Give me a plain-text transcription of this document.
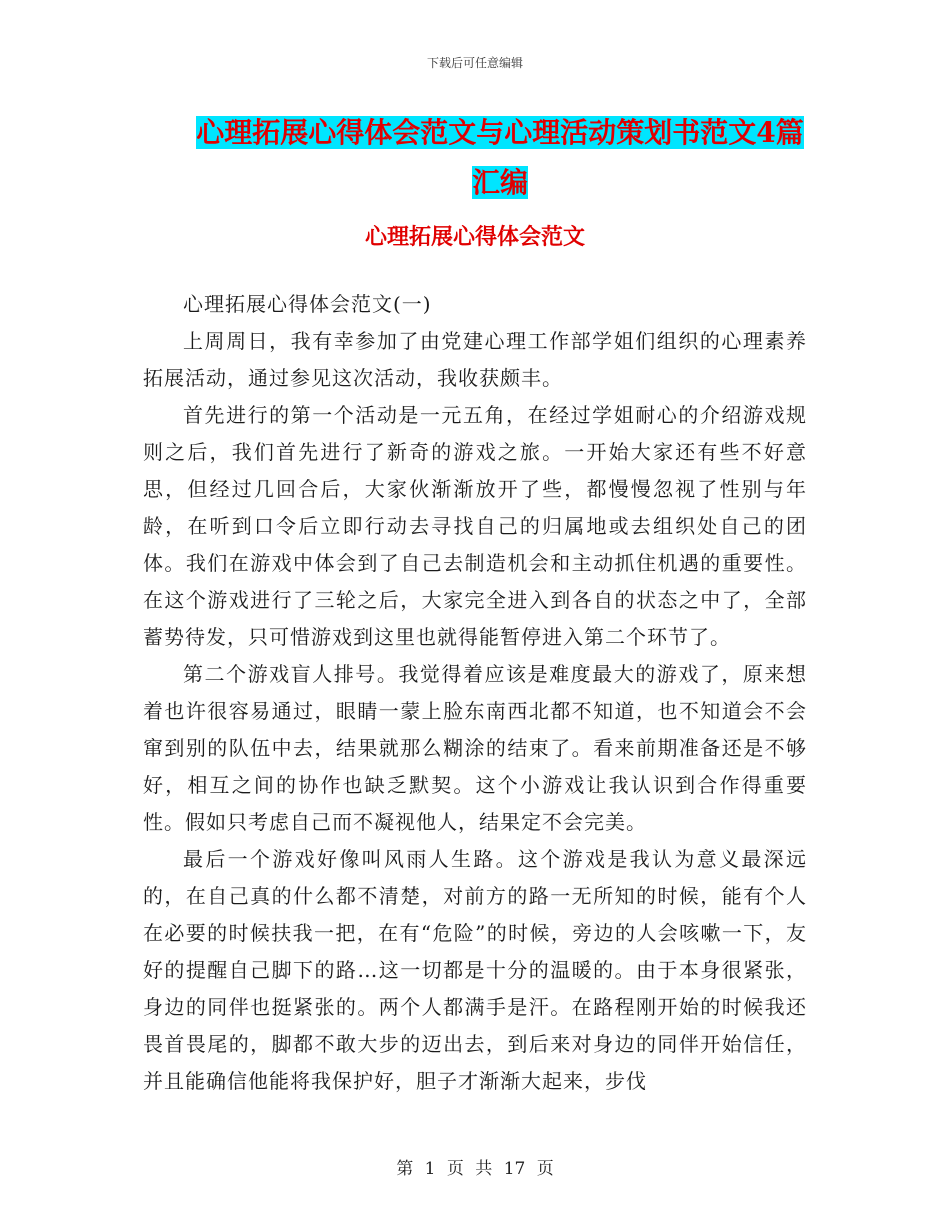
下载后可任意编辑
心理拓展心得体会范文与心理活动策划书范文4篇汇编
心理拓展心得体会范文

心理拓展心得体会范文(一)

上周周日，我有幸参加了由党建心理工作部学姐们组织的心理素养拓展活动，通过参见这次活动，我收获颇丰。

首先进行的第一个活动是一元五角，在经过学姐耐心的介绍游戏规则之后，我们首先进行了新奇的游戏之旅。一开始大家还有些不好意思，但经过几回合后，大家伙渐渐放开了些，都慢慢忽视了性别与年龄，在听到口令后立即行动去寻找自己的归属地或去组织处自己的团体。我们在游戏中体会到了自己去制造机会和主动抓住机遇的重要性。在这个游戏进行了三轮之后，大家完全进入到各自的状态之中了，全部蓄势待发，只可惜游戏到这里也就得能暂停进入第二个环节了。

第二个游戏盲人排号。我觉得着应该是难度最大的游戏了，原来想着也许很容易通过，眼睛一蒙上脸东南西北都不知道，也不知道会不会窜到别的队伍中去，结果就那么糊涂的结束了。看来前期准备还是不够好，相互之间的协作也缺乏默契。这个小游戏让我认识到合作得重要性。假如只考虑自己而不凝视他人，结果定不会完美。

最后一个游戏好像叫风雨人生路。这个游戏是我认为意义最深远的，在自己真的什么都不清楚，对前方的路一无所知的时候，能有个人在必要的时候扶我一把，在有“危险”的时候，旁边的人会咳嗽一下，友好的提醒自己脚下的路…这一切都是十分的温暖的。由于本身很紧张，身边的同伴也挺紧张的。两个人都满手是汗。在路程刚开始的时候我还畏首畏尾的，脚都不敢大步的迈出去，到后来对身边的同伴开始信任，并且能确信他能将我保护好，胆子才渐渐大起来，步伐

第 1 页 共 17 页
